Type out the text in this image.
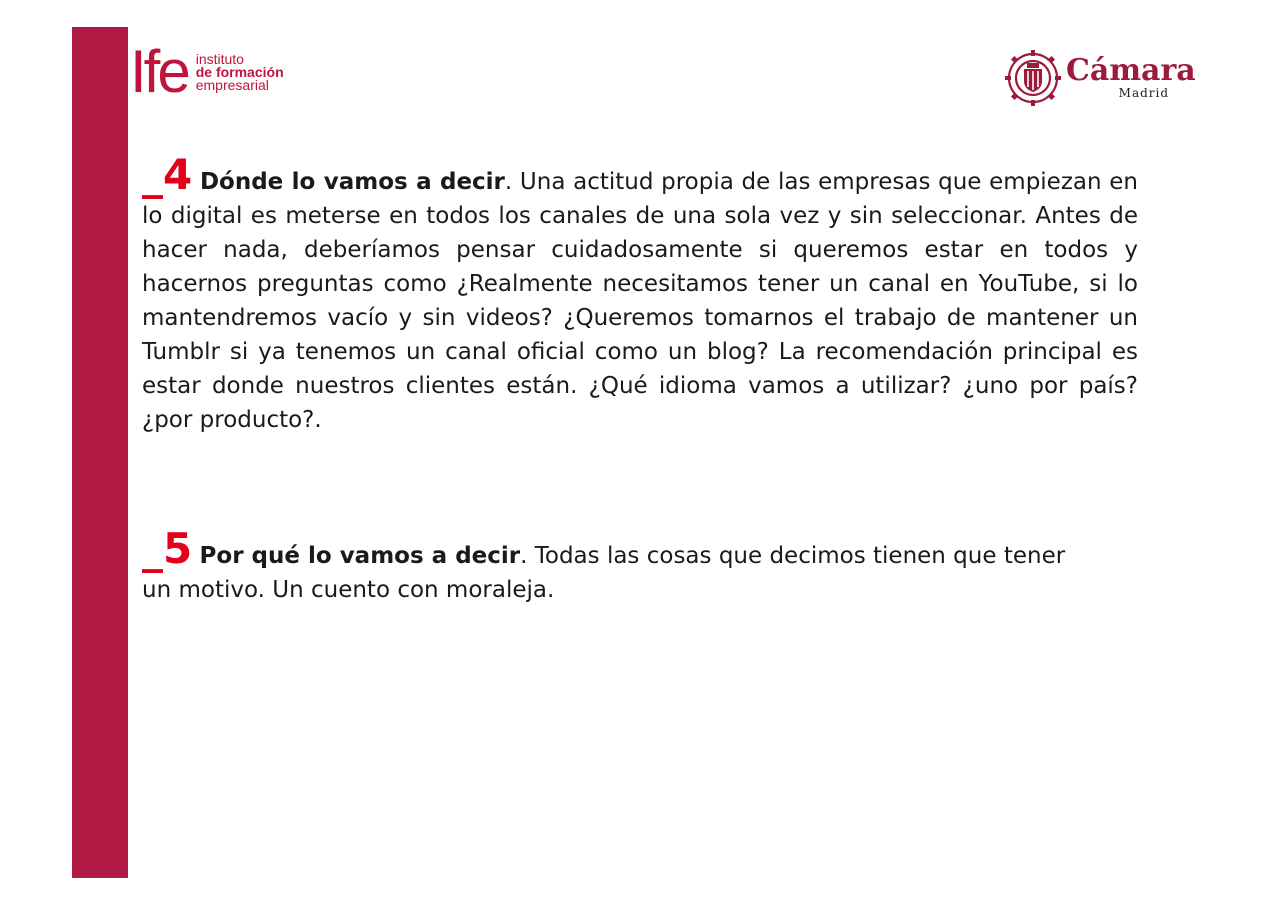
Ife instituto
de formación
empresarial	Cámara
Madrid
_4 Dónde lo vamos a decir. Una actitud propia de las empresas que empiezan en lo digital es meterse en todos los canales de una sola vez y sin seleccionar. Antes de hacer nada, deberíamos pensar cuidadosamente si queremos estar en todos y hacernos preguntas como ¿Realmente necesitamos tener un canal en YouTube, si lo mantendremos vacío y sin videos? ¿Queremos tomarnos el trabajo de mantener un Tumblr si ya tenemos un canal oficial como un blog? La recomendación principal es estar donde nuestros clientes están. ¿Qué idioma vamos a utilizar? ¿uno por país? ¿por producto?.
_5 Por qué lo vamos a decir. Todas las cosas que decimos tienen que tener un motivo. Un cuento con moraleja.
